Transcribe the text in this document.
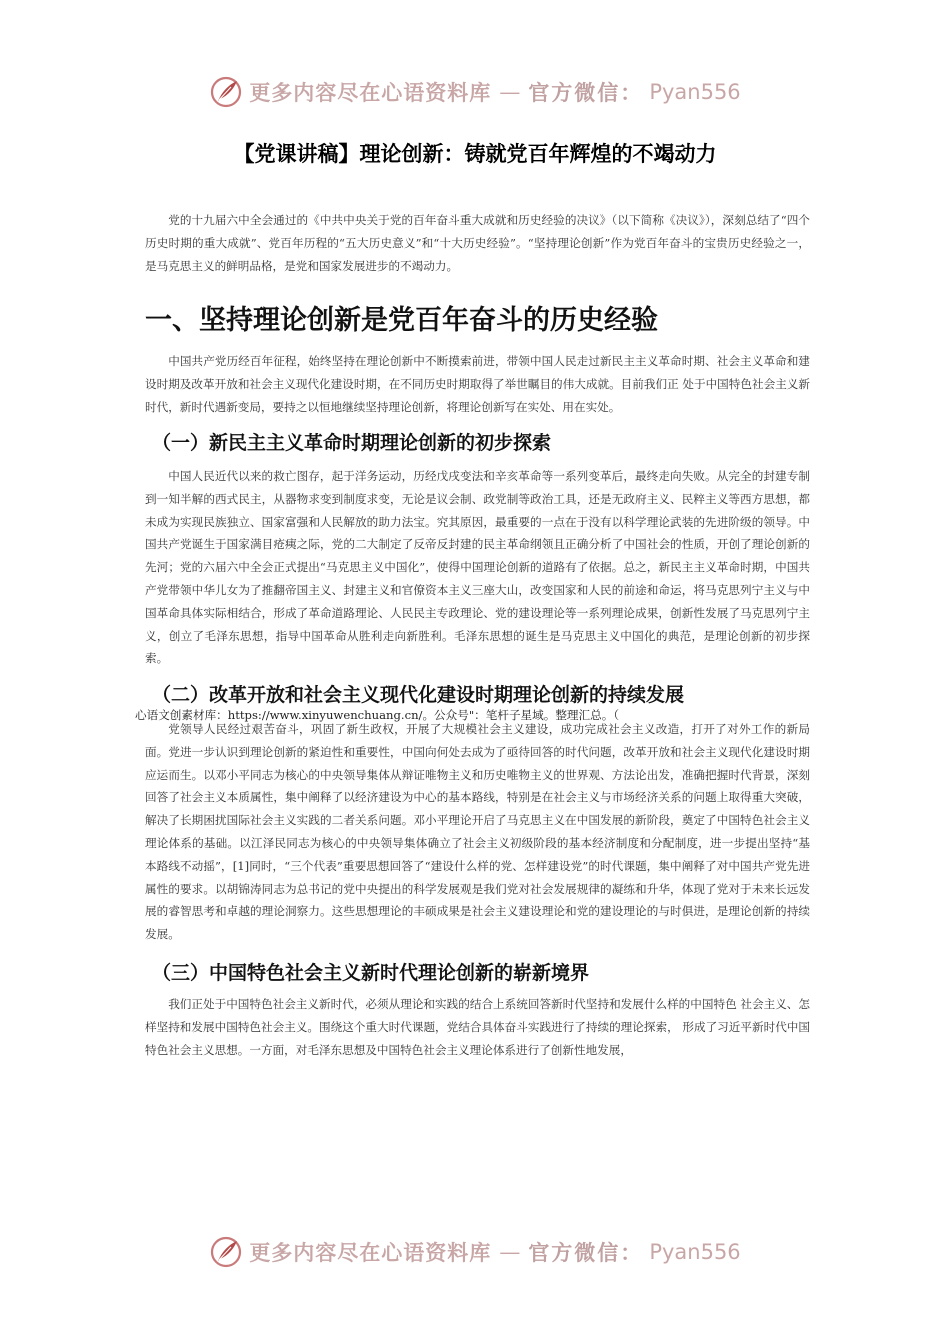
更多内容尽在心语资料库 — 官方微信： Pyan556
【党课讲稿】理论创新：铸就党百年辉煌的不竭动力

党的十九届六中全会通过的《中共中央关于党的百年奋斗重大成就和历史经验的决议》（以下简称《决议》），深刻总结了“四个历史时期的重大成就”、党百年历程的“五大历史意义”和“十大历史经验”。“坚持理论创新”作为党百年奋斗的宝贵历史经验之一，是马克思主义的鲜明品格，是党和国家发展进步的不竭动力。

一、坚持理论创新是党百年奋斗的历史经验

中国共产党历经百年征程，始终坚持在理论创新中不断摸索前进，带领中国人民走过新民主主义革命时期、社会主义革命和建设时期及改革开放和社会主义现代化建设时期，在不同历史时期取得了举世瞩目的伟大成就。目前我们正 处于中国特色社会主义新时代，新时代遇新变局，要持之以恒地继续坚持理论创新，将理论创新写在实处、用在实处。

（一）新民主主义革命时期理论创新的初步探索

中国人民近代以来的救亡图存，起于洋务运动，历经戊戌变法和辛亥革命等一系列变革后，最终走向失败。从完全的封建专制到一知半解的西式民主，从器物求变到制度求变，无论是议会制、政党制等政治工具，还是无政府主义、民粹主义等西方思想，都未成为实现民族独立、国家富强和人民解放的助力法宝。究其原因，最重要的一点在于没有以科学理论武装的先进阶级的领导。中国共产党诞生于国家满目疮痍之际，党的二大制定了反帝反封建的民主革命纲领且正确分析了中国社会的性质，开创了理论创新的先河；党的六届六中全会正式提出“马克思主义中国化”，使得中国理论创新的道路有了依据。总之，新民主主义革命时期，中国共产党带领中华儿女为了推翻帝国主义、封建主义和官僚资本主义三座大山，改变国家和人民的前途和命运，将马克思列宁主义与中国革命具体实际相结合，形成了革命道路理论、人民民主专政理论、党的建设理论等一系列理论成果，创新性发展了马克思列宁主义，创立了毛泽东思想，指导中国革命从胜利走向新胜利。毛泽东思想的诞生是马克思主义中国化的典范，是理论创新的初步探索。

（二）改革开放和社会主义现代化建设时期理论创新的持续发展

心语文创素材库：https://www.xinyuwenchuang.cn/。公众号"：笔杆子星域。整理汇总。（

党领导人民经过艰苦奋斗，巩固了新生政权，开展了大规模社会主义建设，成功完成社会主义改造，打开了对外工作的新局面。党进一步认识到理论创新的紧迫性和重要性，中国向何处去成为了亟待回答的时代问题，改革开放和社会主义现代化建设时期应运而生。以邓小平同志为核心的中央领导集体从辩证唯物主义和历史唯物主义的世界观、方法论出发，准确把握时代背景，深刻回答了社会主义本质属性，集中阐释了以经济建设为中心的基本路线，特别是在社会主义与市场经济关系的问题上取得重大突破，解决了长期困扰国际社会主义实践的二者关系问题。邓小平理论开启了马克思主义在中国发展的新阶段，奠定了中国特色社会主义理论体系的基础。以江泽民同志为核心的中央领导集体确立了社会主义初级阶段的基本经济制度和分配制度，进一步提出坚持“基本路线不动摇”，[1]同时，“三个代表”重要思想回答了“建设什么样的党、怎样建设党”的时代课题，集中阐释了对中国共产党先进属性的要求。以胡锦涛同志为总书记的党中央提出的科学发展观是我们党对社会发展规律的凝练和升华，体现了党对于未来长远发展的睿智思考和卓越的理论洞察力。这些思想理论的丰硕成果是社会主义建设理论和党的建设理论的与时俱进，是理论创新的持续发展。

（三）中国特色社会主义新时代理论创新的崭新境界

我们正处于中国特色社会主义新时代，必须从理论和实践的结合上系统回答新时代坚持和发展什么样的中国特色 社会主义、怎样坚持和发展中国特色社会主义。围绕这个重大时代课题，党结合具体奋斗实践进行了持续的理论探索， 形成了习近平新时代中国特色社会主义思想。一方面，对毛泽东思想及中国特色社会主义理论体系进行了创新性地发展，

更多内容尽在心语资料库 — 官方微信： Pyan556
